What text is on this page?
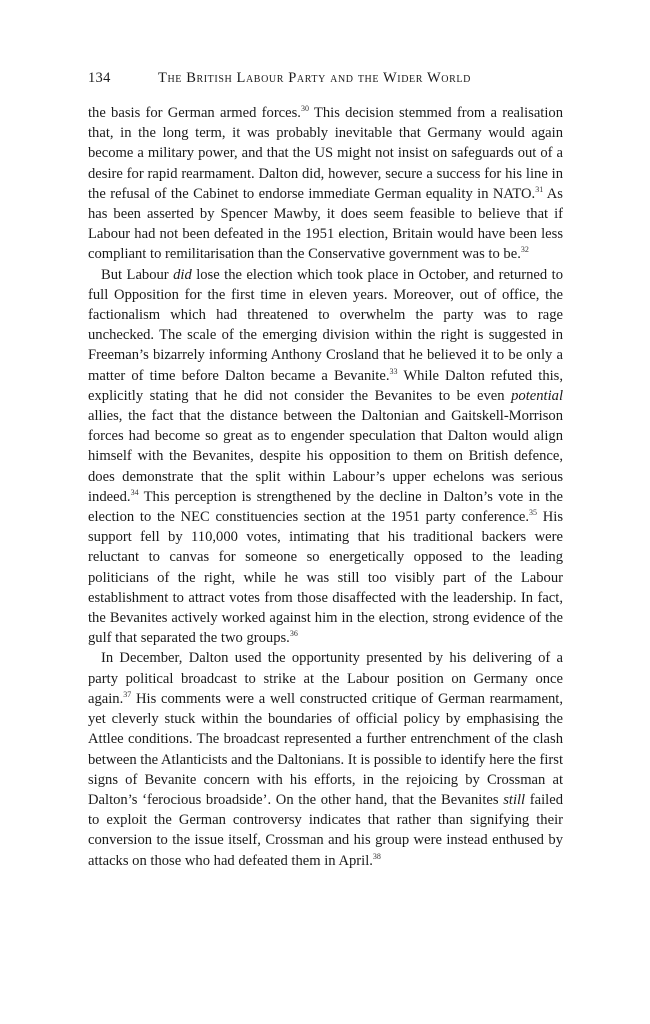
134	The British Labour Party and the Wider World

the basis for German armed forces.$^{30}$ This decision stemmed from a realisation that, in the long term, it was probably inevitable that Germany would again become a military power, and that the US might not insist on safeguards out of a desire for rapid rearmament. Dalton did, however, secure a success for his line in the refusal of the Cabinet to endorse immediate German equality in NATO.$^{31}$ As has been asserted by Spencer Mawby, it does seem feasible to believe that if Labour had not been defeated in the 1951 election, Britain would have been less compliant to remilitarisation than the Conservative government was to be.$^{32}$

But Labour did lose the election which took place in October, and returned to full Opposition for the first time in eleven years. Moreover, out of office, the factionalism which had threatened to overwhelm the party was to rage unchecked. The scale of the emerging division within the right is suggested in Freeman’s bizarrely informing Anthony Crosland that he believed it to be only a matter of time before Dalton became a Bevanite.$^{33}$ While Dalton refuted this, explicitly stating that he did not consider the Bevanites to be even potential allies, the fact that the distance between the Daltonian and Gaitskell-Morrison forces had become so great as to engender speculation that Dalton would align himself with the Bevanites, despite his opposition to them on British defence, does demonstrate that the split within Labour’s upper echelons was serious indeed.$^{34}$ This perception is strengthened by the decline in Dalton’s vote in the election to the NEC constituencies section at the 1951 party conference.$^{35}$ His support fell by 110,000 votes, intimating that his traditional backers were reluctant to canvas for someone so energetically opposed to the leading politicians of the right, while he was still too visibly part of the Labour establishment to attract votes from those disaffected with the leadership. In fact, the Bevanites actively worked against him in the election, strong evidence of the gulf that separated the two groups.$^{36}$

In December, Dalton used the opportunity presented by his delivering of a party political broadcast to strike at the Labour position on Germany once again.$^{37}$ His comments were a well constructed critique of German rearmament, yet cleverly stuck within the boundaries of official policy by emphasising the Attlee conditions. The broadcast represented a further entrenchment of the clash between the Atlanticists and the Daltonians. It is possible to identify here the first signs of Bevanite concern with his efforts, in the rejoicing by Crossman at Dalton’s ‘ferocious broadside’. On the other hand, that the Bevanites still failed to exploit the German controversy indicates that rather than signifying their conversion to the issue itself, Crossman and his group were instead enthused by attacks on those who had defeated them in April.$^{38}$
